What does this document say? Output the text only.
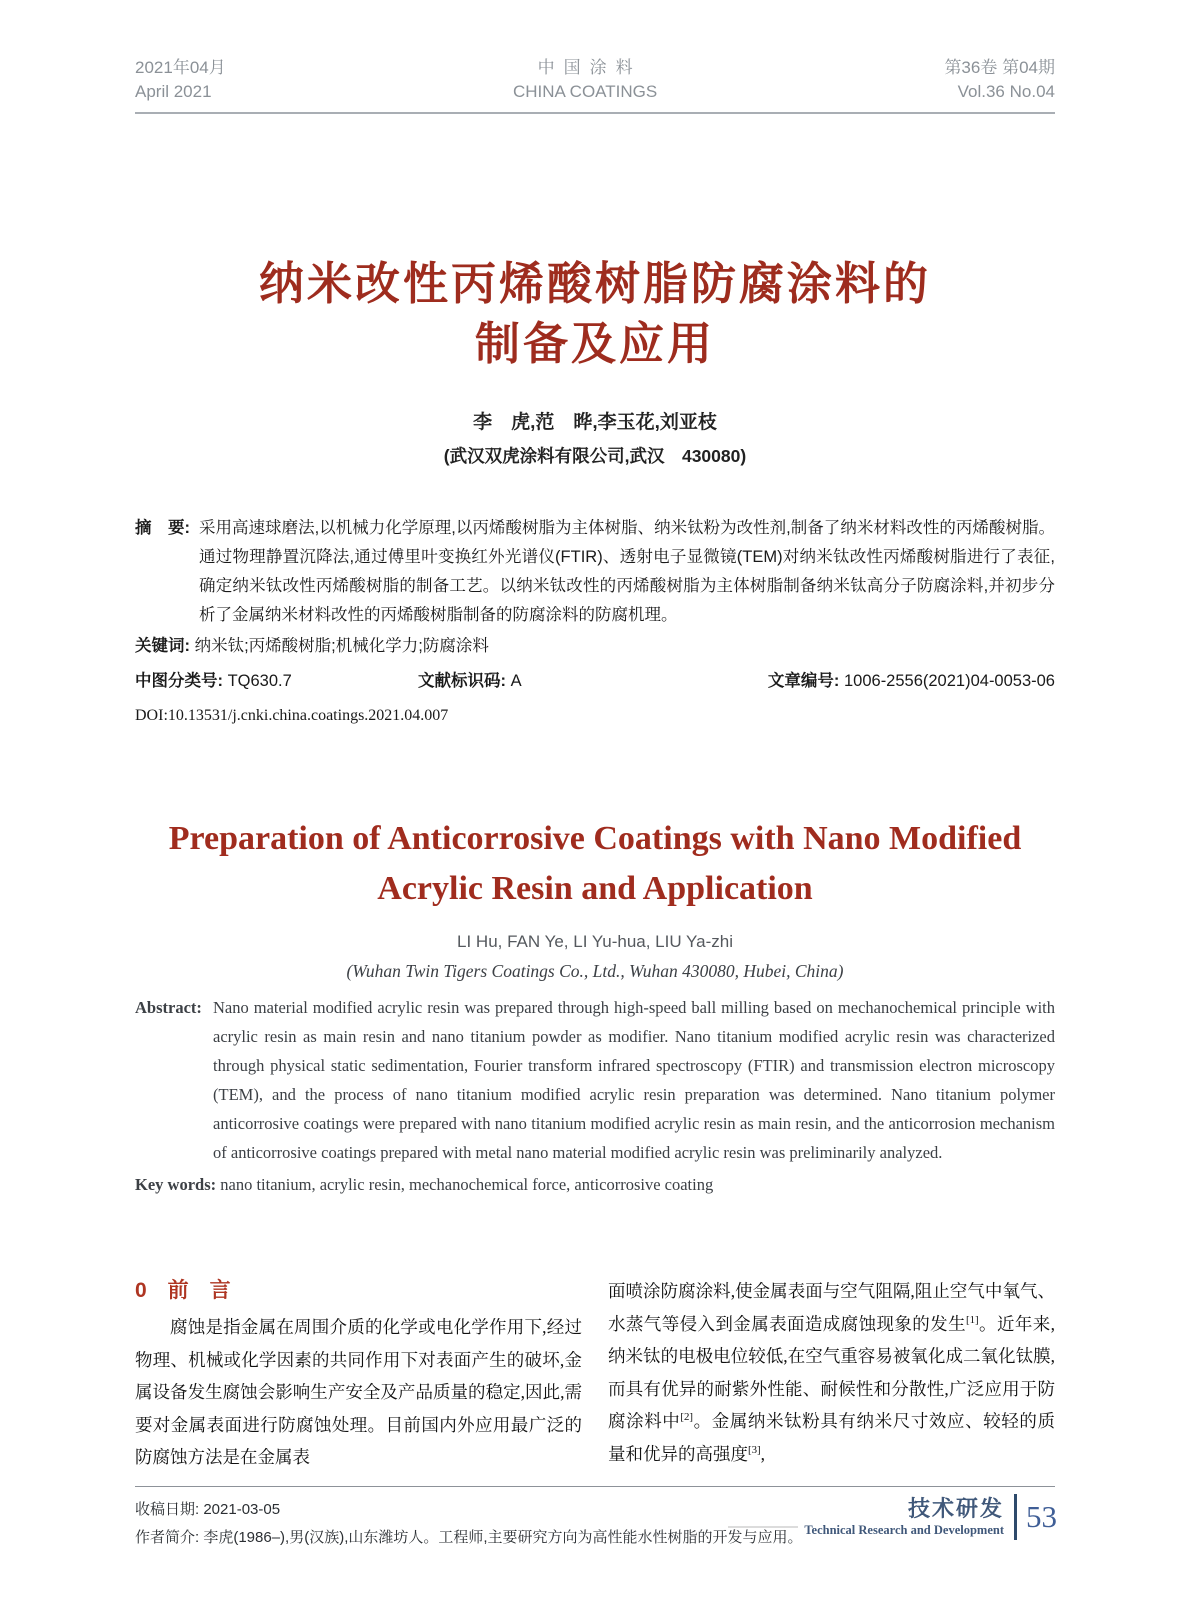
2021年04月
April 2021
中国涂料
CHINA COATINGS
第36卷 第04期
Vol.36 No.04
纳米改性丙烯酸树脂防腐涂料的
制备及应用
李　虎,范　晔,李玉花,刘亚枝
(武汉双虎涂料有限公司,武汉　430080)

摘　要: 采用高速球磨法,以机械力化学原理,以丙烯酸树脂为主体树脂、纳米钛粉为改性剂,制备了纳米材料改性的丙烯酸树脂。通过物理静置沉降法,通过傅里叶变换红外光谱仪(FTIR)、透射电子显微镜(TEM)对纳米钛改性丙烯酸树脂进行了表征,确定纳米钛改性丙烯酸树脂的制备工艺。以纳米钛改性的丙烯酸树脂为主体树脂制备纳米钛高分子防腐涂料,并初步分析了金属纳米材料改性的丙烯酸树脂制备的防腐涂料的防腐机理。

关键词: 纳米钛;丙烯酸树脂;机械化学力;防腐涂料

中图分类号: TQ630.7	文献标识码: A	文章编号: 1006-2556(2021)04-0053-06
DOI:10.13531/j.cnki.china.coatings.2021.04.007
Preparation of Anticorrosive Coatings with Nano Modified
Acrylic Resin and Application
LI Hu, FAN Ye, LI Yu-hua, LIU Ya-zhi
(Wuhan Twin Tigers Coatings Co., Ltd., Wuhan 430080, Hubei, China)

Abstract: Nano material modified acrylic resin was prepared through high-speed ball milling based on mechanochemical principle with acrylic resin as main resin and nano titanium powder as modifier. Nano titanium modified acrylic resin was characterized through physical static sedimentation, Fourier transform infrared spectroscopy (FTIR) and transmission electron microscopy (TEM), and the process of nano titanium modified acrylic resin preparation was determined. Nano titanium polymer anticorrosive coatings were prepared with nano titanium modified acrylic resin as main resin, and the anticorrosion mechanism of anticorrosive coatings prepared with metal nano material modified acrylic resin was preliminarily analyzed.

Key words: nano titanium, acrylic resin, mechanochemical force, anticorrosive coating

0　前　言

腐蚀是指金属在周围介质的化学或电化学作用下,经过物理、机械或化学因素的共同作用下对表面产生的破坏,金属设备发生腐蚀会影响生产安全及产品质量的稳定,因此,需要对金属表面进行防腐蚀处理。目前国内外应用最广泛的防腐蚀方法是在金属表

面喷涂防腐涂料,使金属表面与空气阻隔,阻止空气中氧气、水蒸气等侵入到金属表面造成腐蚀现象的发生[1]。近年来,纳米钛的电极电位较低,在空气重容易被氧化成二氧化钛膜,而具有优异的耐紫外性能、耐候性和分散性,广泛应用于防腐涂料中[2]。金属纳米钛粉具有纳米尺寸效应、较轻的质量和优异的高强度[3],

收稿日期: 2021-03-05
作者简介: 李虎(1986–),男(汉族),山东潍坊人。工程师,主要研究方向为高性能水性树脂的开发与应用。
技术研发
Technical Research and Development 53
